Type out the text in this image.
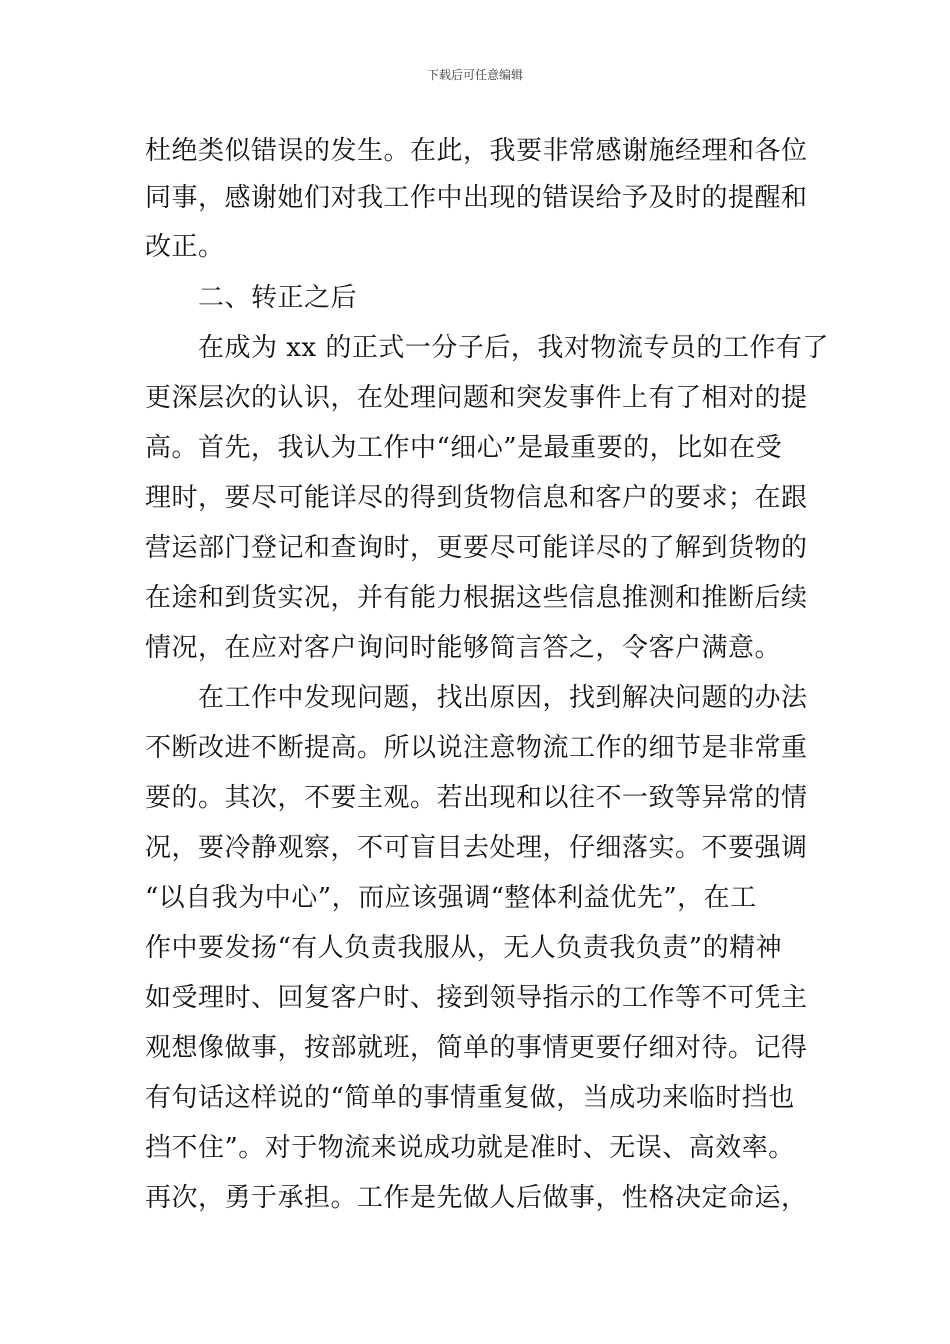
下载后可任意编辑
杜绝类似错误的发生。在此，我要非常感谢施经理和各位
同事，感谢她们对我工作中出现的错误给予及时的提醒和
改正。
二、转正之后
在成为 xx 的正式一分子后，我对物流专员的工作有了
更深层次的认识，在处理问题和突发事件上有了相对的提
高。首先，我认为工作中“细心”是最重要的，比如在受
理时，要尽可能详尽的得到货物信息和客户的要求；在跟
营运部门登记和查询时，更要尽可能详尽的了解到货物的
在途和到货实况，并有能力根据这些信息推测和推断后续
情况，在应对客户询问时能够简言答之，令客户满意。
在工作中发现问题，找出原因，找到解决问题的办法
不断改进不断提高。所以说注意物流工作的细节是非常重
要的。其次，不要主观。若出现和以往不一致等异常的情
况，要冷静观察，不可盲目去处理，仔细落实。不要强调
“以自我为中心”，而应该强调“整体利益优先”，在工
作中要发扬“有人负责我服从，无人负责我负责”的精神
如受理时、回复客户时、接到领导指示的工作等不可凭主
观想像做事，按部就班，简单的事情更要仔细对待。记得
有句话这样说的“简单的事情重复做，当成功来临时挡也
挡不住”。对于物流来说成功就是准时、无误、高效率。
再次，勇于承担。工作是先做人后做事，性格决定命运，
